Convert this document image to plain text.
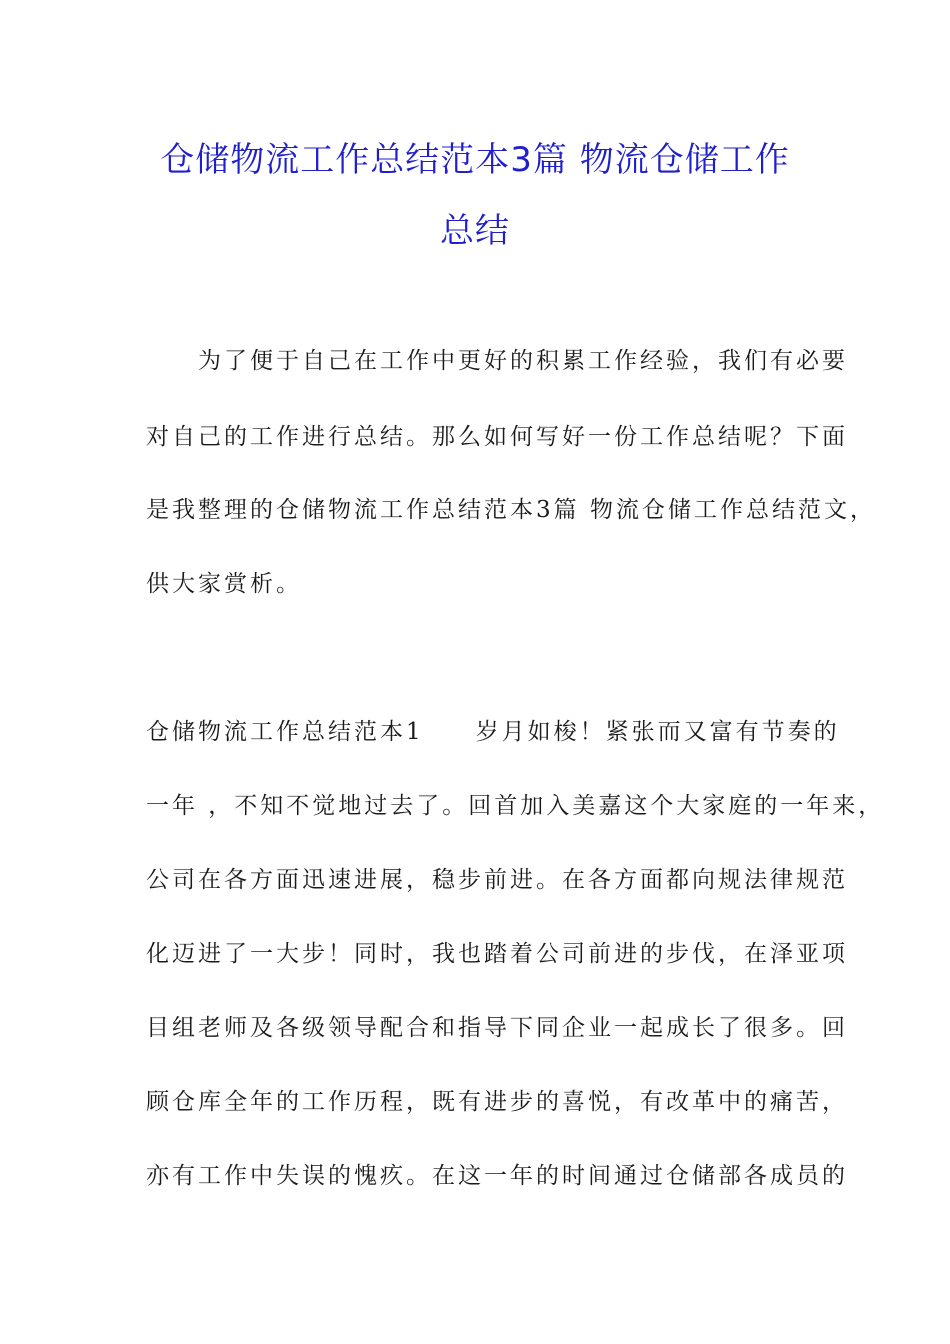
仓储物流工作总结范本3篇 物流仓储工作
总结
　　为了便于自己在工作中更好的积累工作经验，我们有必要
对自己的工作进行总结。那么如何写好一份工作总结呢？下面
是我整理的仓储物流工作总结范本3篇 物流仓储工作总结范文，
供大家赏析。
仓储物流工作总结范本1　　岁月如梭！紧张而又富有节奏的
一年 ，不知不觉地过去了。回首加入美嘉这个大家庭的一年来，
公司在各方面迅速进展，稳步前进。在各方面都向规法律规范
化迈进了一大步！同时，我也踏着公司前进的步伐，在泽亚项
目组老师及各级领导配合和指导下同企业一起成长了很多。回
顾仓库全年的工作历程，既有进步的喜悦，有改革中的痛苦，
亦有工作中失误的愧疚。在这一年的时间通过仓储部各成员的
